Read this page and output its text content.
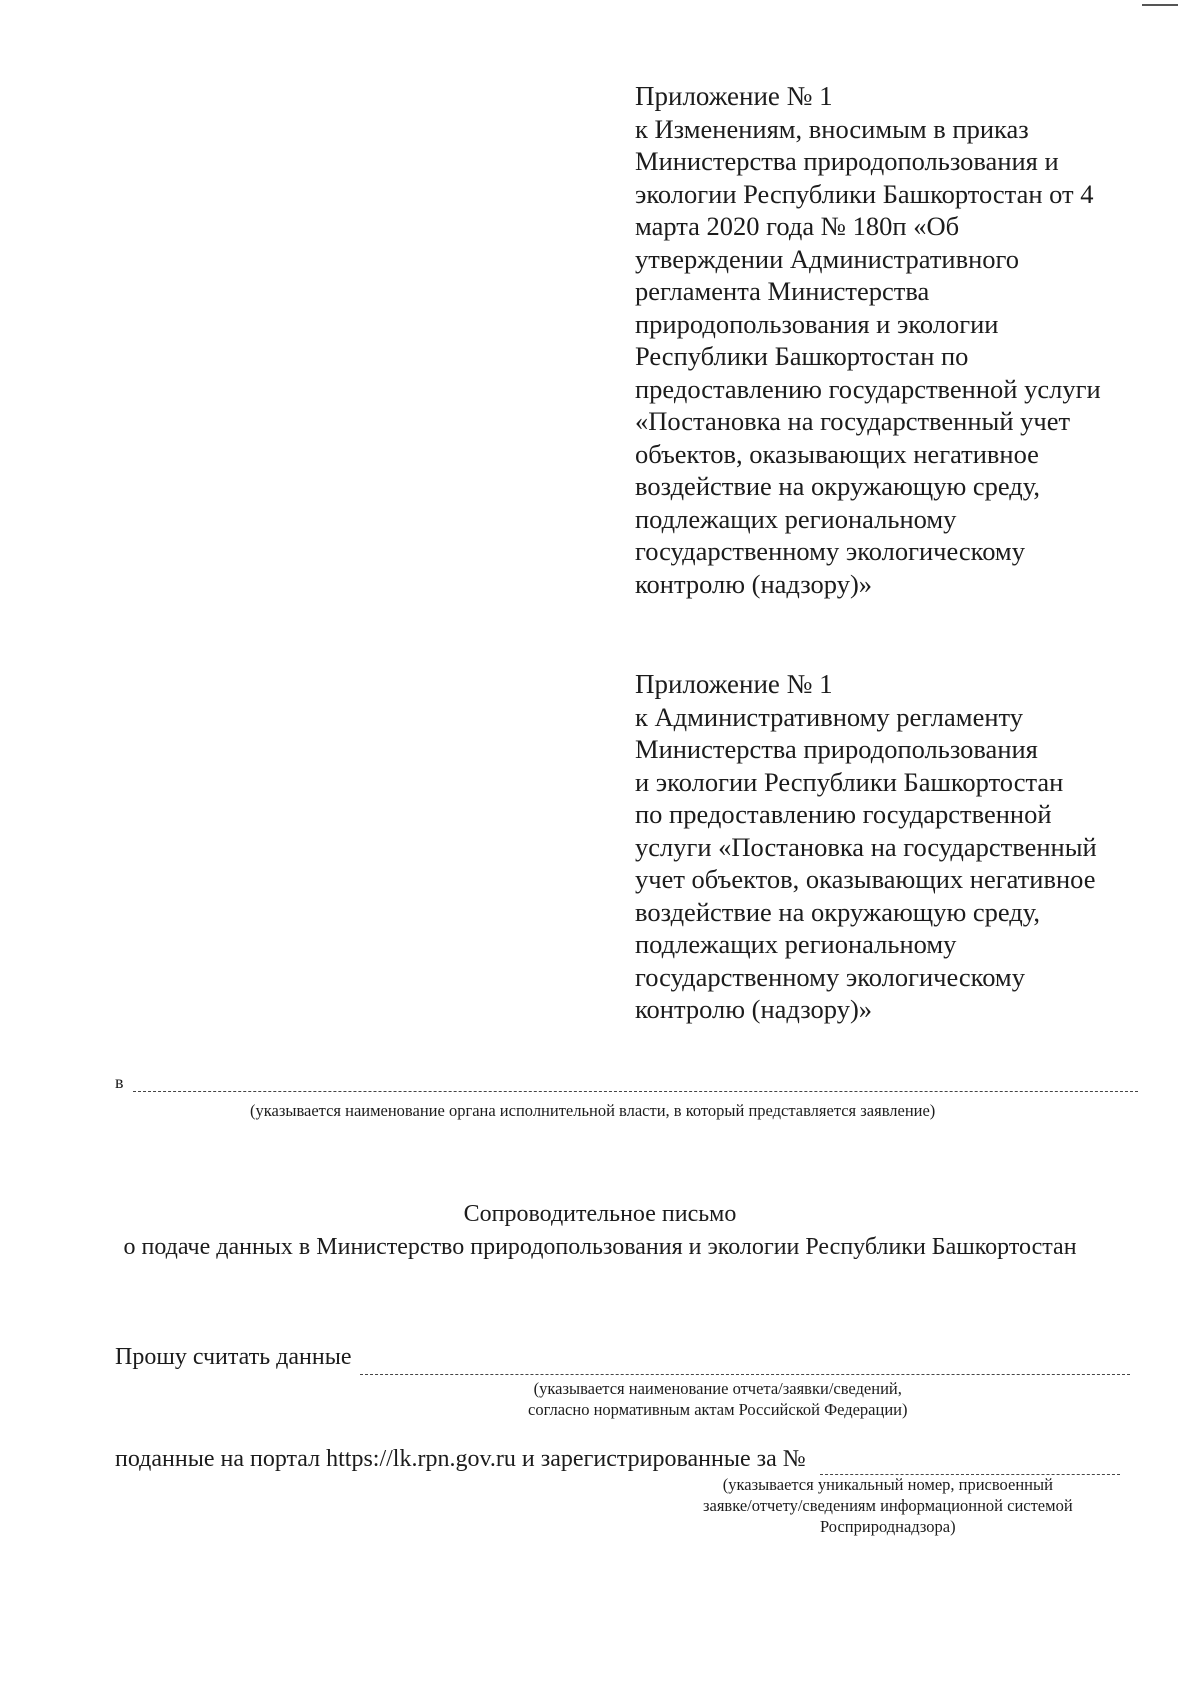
Приложение № 1
к Изменениям, вносимым в приказ
Министерства природопользования и
экологии Республики Башкортостан от 4
марта 2020 года № 180п «Об
утверждении Административного
регламента Министерства
природопользования и экологии
Республики Башкортостан по
предоставлению государственной услуги
«Постановка на государственный учет
объектов, оказывающих негативное
воздействие на окружающую среду,
подлежащих региональному
государственному экологическому
контролю (надзору)»
Приложение № 1
к Административному регламенту
Министерства природопользования
и экологии Республики Башкортостан
по предоставлению государственной
услуги «Постановка на государственный
учет объектов, оказывающих негативное
воздействие на окружающую среду,
подлежащих региональному
государственному экологическому
контролю (надзору)»
в
(указывается наименование органа исполнительной власти, в который представляется заявление)
Сопроводительное письмо
о подаче данных в Министерство природопользования и экологии Республики Башкортостан
Прошу считать данные
(указывается наименование отчета/заявки/сведений,
согласно нормативным актам Российской Федерации)
поданные на портал https://lk.rpn.gov.ru и зарегистрированные за №
(указывается уникальный номер, присвоенный
заявке/отчету/сведениям информационной системой
Росприроднадзора)
